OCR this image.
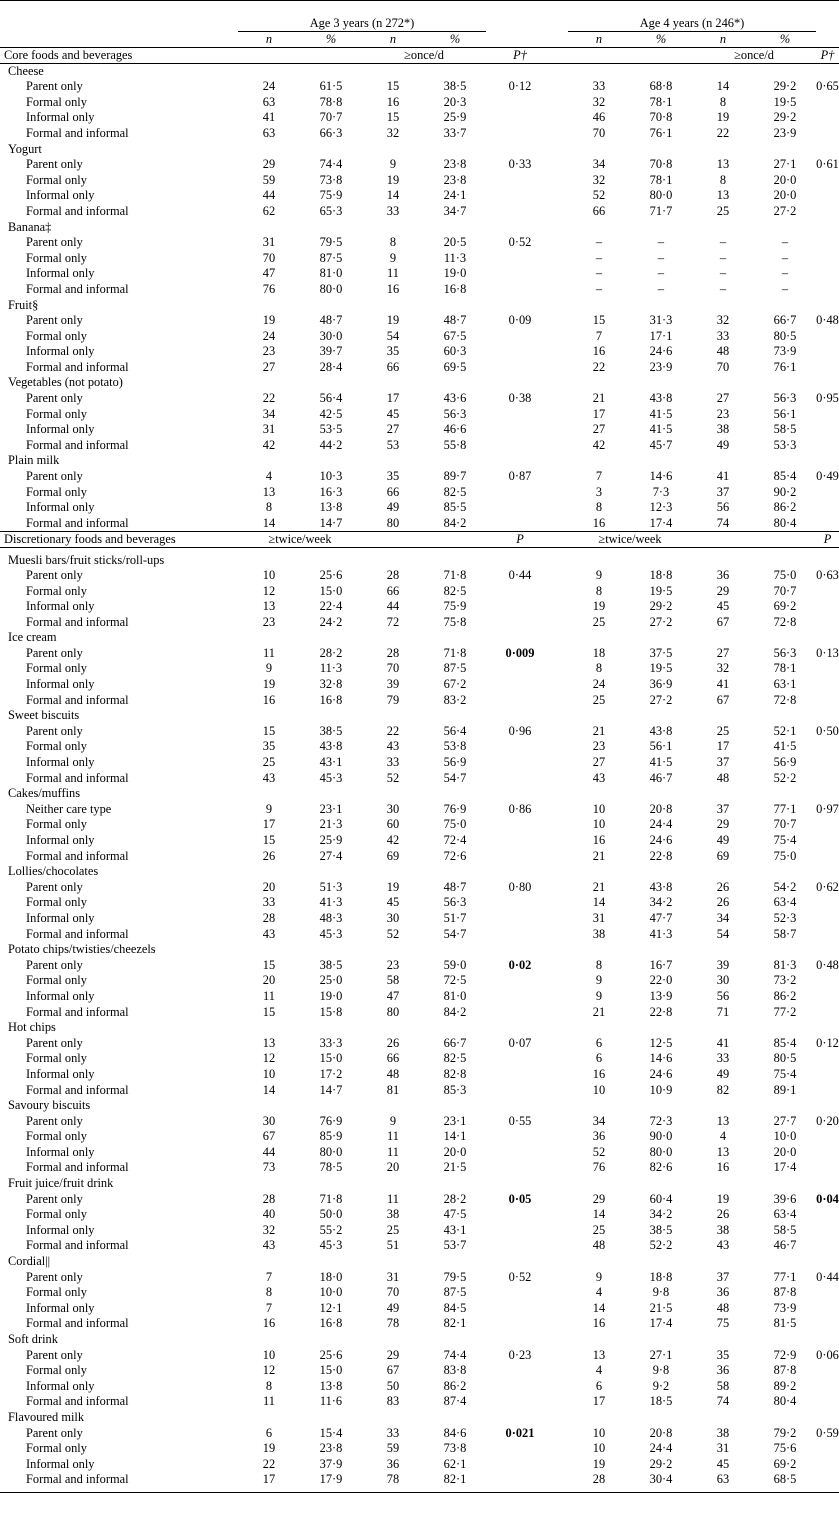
	Age 3 years (n 272*)						Age 4 years (n 246*)				
	n	%	n	%			n	%	n	%	
Core foods and beverages			≥once/d		P†				≥once/d		P†
Cheese											
Parent only	24	61·5	15	38·5	0·12		33	68·8	14	29·2	0·65
Formal only	63	78·8	16	20·3			32	78·1	8	19·5	
Informal only	41	70·7	15	25·9			46	70·8	19	29·2	
Formal and informal	63	66·3	32	33·7			70	76·1	22	23·9	
Yogurt											
Parent only	29	74·4	9	23·8	0·33		34	70·8	13	27·1	0·61
Formal only	59	73·8	19	23·8			32	78·1	8	20·0	
Informal only	44	75·9	14	24·1			52	80·0	13	20·0	
Formal and informal	62	65·3	33	34·7			66	71·7	25	27·2	
Banana‡											
Parent only	31	79·5	8	20·5	0·52		–	–	–	–	
Formal only	70	87·5	9	11·3			–	–	–	–	
Informal only	47	81·0	11	19·0			–	–	–	–	
Formal and informal	76	80·0	16	16·8			–	–	–	–	
Fruit§											
Parent only	19	48·7	19	48·7	0·09		15	31·3	32	66·7	0·48
Formal only	24	30·0	54	67·5			7	17·1	33	80·5	
Informal only	23	39·7	35	60·3			16	24·6	48	73·9	
Formal and informal	27	28·4	66	69·5			22	23·9	70	76·1	
Vegetables (not potato)											
Parent only	22	56·4	17	43·6	0·38		21	43·8	27	56·3	0·95
Formal only	34	42·5	45	56·3			17	41·5	23	56·1	
Informal only	31	53·5	27	46·6			27	41·5	38	58·5	
Formal and informal	42	44·2	53	55·8			42	45·7	49	53·3	
Plain milk											
Parent only	4	10·3	35	89·7	0·87		7	14·6	41	85·4	0·49
Formal only	13	16·3	66	82·5			3	7·3	37	90·2	
Informal only	8	13·8	49	85·5			8	12·3	56	86·2	
Formal and informal	14	14·7	80	84·2			16	17·4	74	80·4	
Discretionary foods and beverages	≥twice/week				P		≥twice/week				P
Muesli bars/fruit sticks/roll-ups											
Parent only	10	25·6	28	71·8	0·44		9	18·8	36	75·0	0·63
Formal only	12	15·0	66	82·5			8	19·5	29	70·7	
Informal only	13	22·4	44	75·9			19	29·2	45	69·2	
Formal and informal	23	24·2	72	75·8			25	27·2	67	72·8	
Ice cream											
Parent only	11	28·2	28	71·8	0·009		18	37·5	27	56·3	0·13
Formal only	9	11·3	70	87·5			8	19·5	32	78·1	
Informal only	19	32·8	39	67·2			24	36·9	41	63·1	
Formal and informal	16	16·8	79	83·2			25	27·2	67	72·8	
Sweet biscuits											
Parent only	15	38·5	22	56·4	0·96		21	43·8	25	52·1	0·50
Formal only	35	43·8	43	53·8			23	56·1	17	41·5	
Informal only	25	43·1	33	56·9			27	41·5	37	56·9	
Formal and informal	43	45·3	52	54·7			43	46·7	48	52·2	
Cakes/muffins											
Neither care type	9	23·1	30	76·9	0·86		10	20·8	37	77·1	0·97
Formal only	17	21·3	60	75·0			10	24·4	29	70·7	
Informal only	15	25·9	42	72·4			16	24·6	49	75·4	
Formal and informal	26	27·4	69	72·6			21	22·8	69	75·0	
Lollies/chocolates											
Parent only	20	51·3	19	48·7	0·80		21	43·8	26	54·2	0·62
Formal only	33	41·3	45	56·3			14	34·2	26	63·4	
Informal only	28	48·3	30	51·7			31	47·7	34	52·3	
Formal and informal	43	45·3	52	54·7			38	41·3	54	58·7	
Potato chips/twisties/cheezels											
Parent only	15	38·5	23	59·0	0·02		8	16·7	39	81·3	0·48
Formal only	20	25·0	58	72·5			9	22·0	30	73·2	
Informal only	11	19·0	47	81·0			9	13·9	56	86·2	
Formal and informal	15	15·8	80	84·2			21	22·8	71	77·2	
Hot chips											
Parent only	13	33·3	26	66·7	0·07		6	12·5	41	85·4	0·12
Formal only	12	15·0	66	82·5			6	14·6	33	80·5	
Informal only	10	17·2	48	82·8			16	24·6	49	75·4	
Formal and informal	14	14·7	81	85·3			10	10·9	82	89·1	
Savoury biscuits											
Parent only	30	76·9	9	23·1	0·55		34	72·3	13	27·7	0·20
Formal only	67	85·9	11	14·1			36	90·0	4	10·0	
Informal only	44	80·0	11	20·0			52	80·0	13	20·0	
Formal and informal	73	78·5	20	21·5			76	82·6	16	17·4	
Fruit juice/fruit drink											
Parent only	28	71·8	11	28·2	0·05		29	60·4	19	39·6	0·04
Formal only	40	50·0	38	47·5			14	34·2	26	63·4	
Informal only	32	55·2	25	43·1			25	38·5	38	58·5	
Formal and informal	43	45·3	51	53·7			48	52·2	43	46·7	
Cordial||											
Parent only	7	18·0	31	79·5	0·52		9	18·8	37	77·1	0·44
Formal only	8	10·0	70	87·5			4	9·8	36	87·8	
Informal only	7	12·1	49	84·5			14	21·5	48	73·9	
Formal and informal	16	16·8	78	82·1			16	17·4	75	81·5	
Soft drink											
Parent only	10	25·6	29	74·4	0·23		13	27·1	35	72·9	0·06
Formal only	12	15·0	67	83·8			4	9·8	36	87·8	
Informal only	8	13·8	50	86·2			6	9·2	58	89·2	
Formal and informal	11	11·6	83	87·4			17	18·5	74	80·4	
Flavoured milk											
Parent only	6	15·4	33	84·6	0·021		10	20·8	38	79·2	0·59
Formal only	19	23·8	59	73·8			10	24·4	31	75·6	
Informal only	22	37·9	36	62·1			19	29·2	45	69·2	
Formal and informal	17	17·9	78	82·1			28	30·4	63	68·5	
